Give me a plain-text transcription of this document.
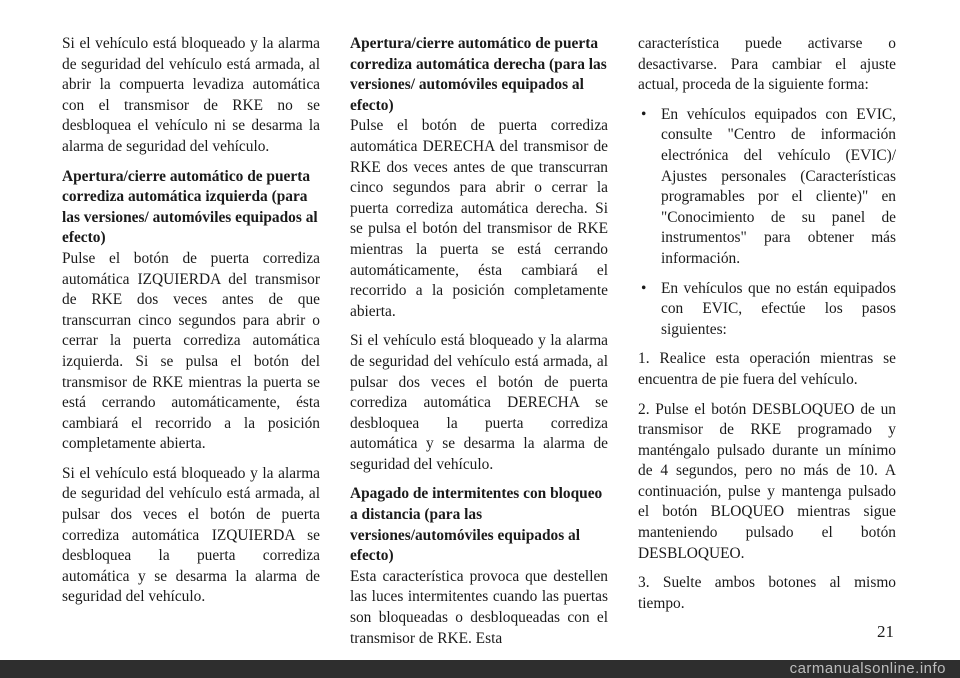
Si el vehículo está bloqueado y la alarma de seguridad del vehículo está armada, al abrir la compuerta levadiza automática con el transmisor de RKE no se desbloquea el vehículo ni se desarma la alarma de seguridad del vehículo.

Apertura/cierre automático de puerta corrediza automática izquierda (para las versiones/ automóviles equipados al efecto)

Pulse el botón de puerta corrediza automática IZQUIERDA del transmisor de RKE dos veces antes de que transcurran cinco segundos para abrir o cerrar la puerta corrediza automática izquierda. Si se pulsa el botón del transmisor de RKE mientras la puerta se está cerrando automáticamente, ésta cambiará el recorrido a la posición completamente abierta.

Si el vehículo está bloqueado y la alarma de seguridad del vehículo está armada, al pulsar dos veces el botón de puerta corrediza automática IZQUIERDA se desbloquea la puerta corrediza automática y se desarma la alarma de seguridad del vehículo.

Apertura/cierre automático de puerta corrediza automática derecha (para las versiones/ automóviles equipados al efecto)

Pulse el botón de puerta corrediza automática DERECHA del transmisor de RKE dos veces antes de que transcurran cinco segundos para abrir o cerrar la puerta corrediza automática derecha. Si se pulsa el botón del transmisor de RKE mientras la puerta se está cerrando automáticamente, ésta cambiará el recorrido a la posición completamente abierta.

Si el vehículo está bloqueado y la alarma de seguridad del vehículo está armada, al pulsar dos veces el botón de puerta corrediza automática DERECHA se desbloquea la puerta corrediza automática y se desarma la alarma de seguridad del vehículo.

Apagado de intermitentes con bloqueo a distancia (para las versiones/automóviles equipados al efecto)

Esta característica provoca que destellen las luces intermitentes cuando las puertas son bloqueadas o desbloqueadas con el transmisor de RKE. Esta

característica puede activarse o desactivarse. Para cambiar el ajuste actual, proceda de la siguiente forma:

• En vehículos equipados con EVIC, consulte "Centro de información electrónica del vehículo (EVIC)/ Ajustes personales (Características programables por el cliente)" en "Conocimiento de su panel de instrumentos" para obtener más información.
• En vehículos que no están equipados con EVIC, efectúe los pasos siguientes:

1. Realice esta operación mientras se encuentra de pie fuera del vehículo.

2. Pulse el botón DESBLOQUEO de un transmisor de RKE programado y manténgalo pulsado durante un mínimo de 4 segundos, pero no más de 10. A continuación, pulse y mantenga pulsado el botón BLOQUEO mientras sigue manteniendo pulsado el botón DESBLOQUEO.

3. Suelte ambos botones al mismo tiempo.

21
carmanualsonline.info
